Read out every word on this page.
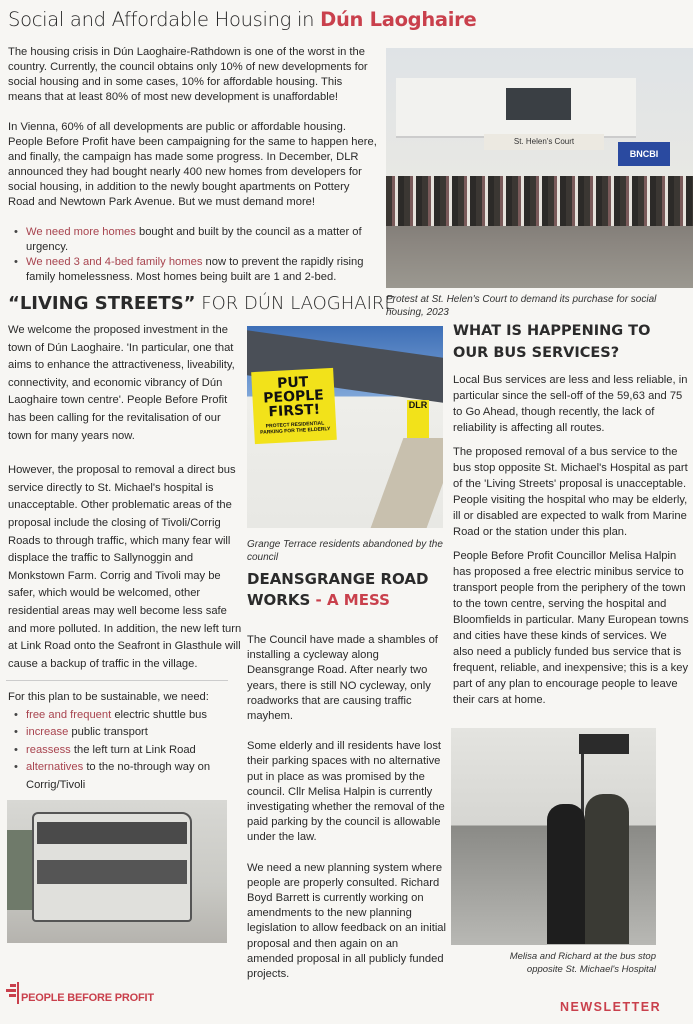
Social and Affordable Housing in Dún Laoghaire

The housing crisis in Dún Laoghaire-Rathdown is one of the worst in the country. Currently, the council obtains only 10% of new developments for social housing and in some cases, 10% for affordable housing. This means that at least 80% of most new development is unaffordable!

In Vienna, 60% of all developments are public or affordable housing. People Before Profit have been campaigning for the same to happen here, and finally, the campaign has made some progress. In December, DLR announced they had bought nearly 400 new homes from developers for social housing, in addition to the newly bought apartments on Pottery Road and Newtown Park Avenue. But we must demand more!

• We need more homes bought and built by the council as a matter of urgency.
• We need 3 and 4-bed family homes now to prevent the rapidly rising family homelessness. Most homes being built are 1 and 2-bed.
St. Helen's Court
BNCBI
Protest at St. Helen's Court to demand its purchase for social housing, 2023
“LIVING STREETS” FOR DÚN LAOGHAIRE

We welcome the proposed investment in the town of Dún Laoghaire. 'In particular, one that aims to enhance the attractiveness, liveability, connectivity, and economic vibrancy of Dún Laoghaire town centre'. People Before Profit has been calling for the revitalisation of our town for many years now.

However, the proposal to removal a direct bus service directly to St. Michael's hospital is unacceptable. Other problematic areas of the proposal include the closing of Tivoli/Corrig Roads to through traffic, which many fear will displace the traffic to Sallynoggin and Monkstown Farm. Corrig and Tivoli may be safer, which would be welcomed, other residential areas may well become less safe and more polluted. In addition, the new left turn at Link Road onto the Seafront in Glasthule will cause a backup of traffic in the village.

For this plan to be sustainable, we need:
• free and frequent electric shuttle bus
• increase public transport
• reassess the left turn at Link Road
• alternatives to the no-through way on Corrig/Tivoli
PUT PEOPLE FIRST!
PROTECT RESIDENTIAL PARKING FOR THE ELDERLY
DLR
Grange Terrace residents abandoned by the council
DEANSGRANGE ROAD WORKS - A MESS

The Council have made a shambles of installing a cycleway along Deansgrange Road. After nearly two years, there is still NO cycleway, only roadworks that are causing traffic mayhem.

Some elderly and ill residents have lost their parking spaces with no alternative put in place as was promised by the council. Cllr Melisa Halpin is currently investigating whether the removal of the paid parking by the council is allowable under the law.

We need a new planning system where people are properly consulted. Richard Boyd Barrett is currently working on amendments to the new planning legislation to allow feedback on an initial proposal and then again on an amended proposal in all publicly funded projects.

WHAT IS HAPPENING TO OUR BUS SERVICES?

Local Bus services are less and less reliable, in particular since the sell-off of the 59,63 and 75 to Go Ahead, though recently, the lack of reliability is affecting all routes.

The proposed removal of a bus service to the bus stop opposite St. Michael's Hospital as part of the 'Living Streets' proposal is unacceptable. People visiting the hospital who may be elderly, ill or disabled are expected to walk from Marine Road or the station under this plan.

People Before Profit Councillor Melisa Halpin has proposed a free electric minibus service to transport people from the periphery of the town to the town centre, serving the hospital and Bloomfields in particular. Many European towns and cities have these kinds of services. We also need a publicly funded bus service that is frequent, reliable, and inexpensive; this is a key part of any plan to encourage people to leave their cars at home.

Melisa and Richard at the bus stop
opposite St. Michael's Hospital
PEOPLE BEFORE PROFIT
NEWSLETTER
